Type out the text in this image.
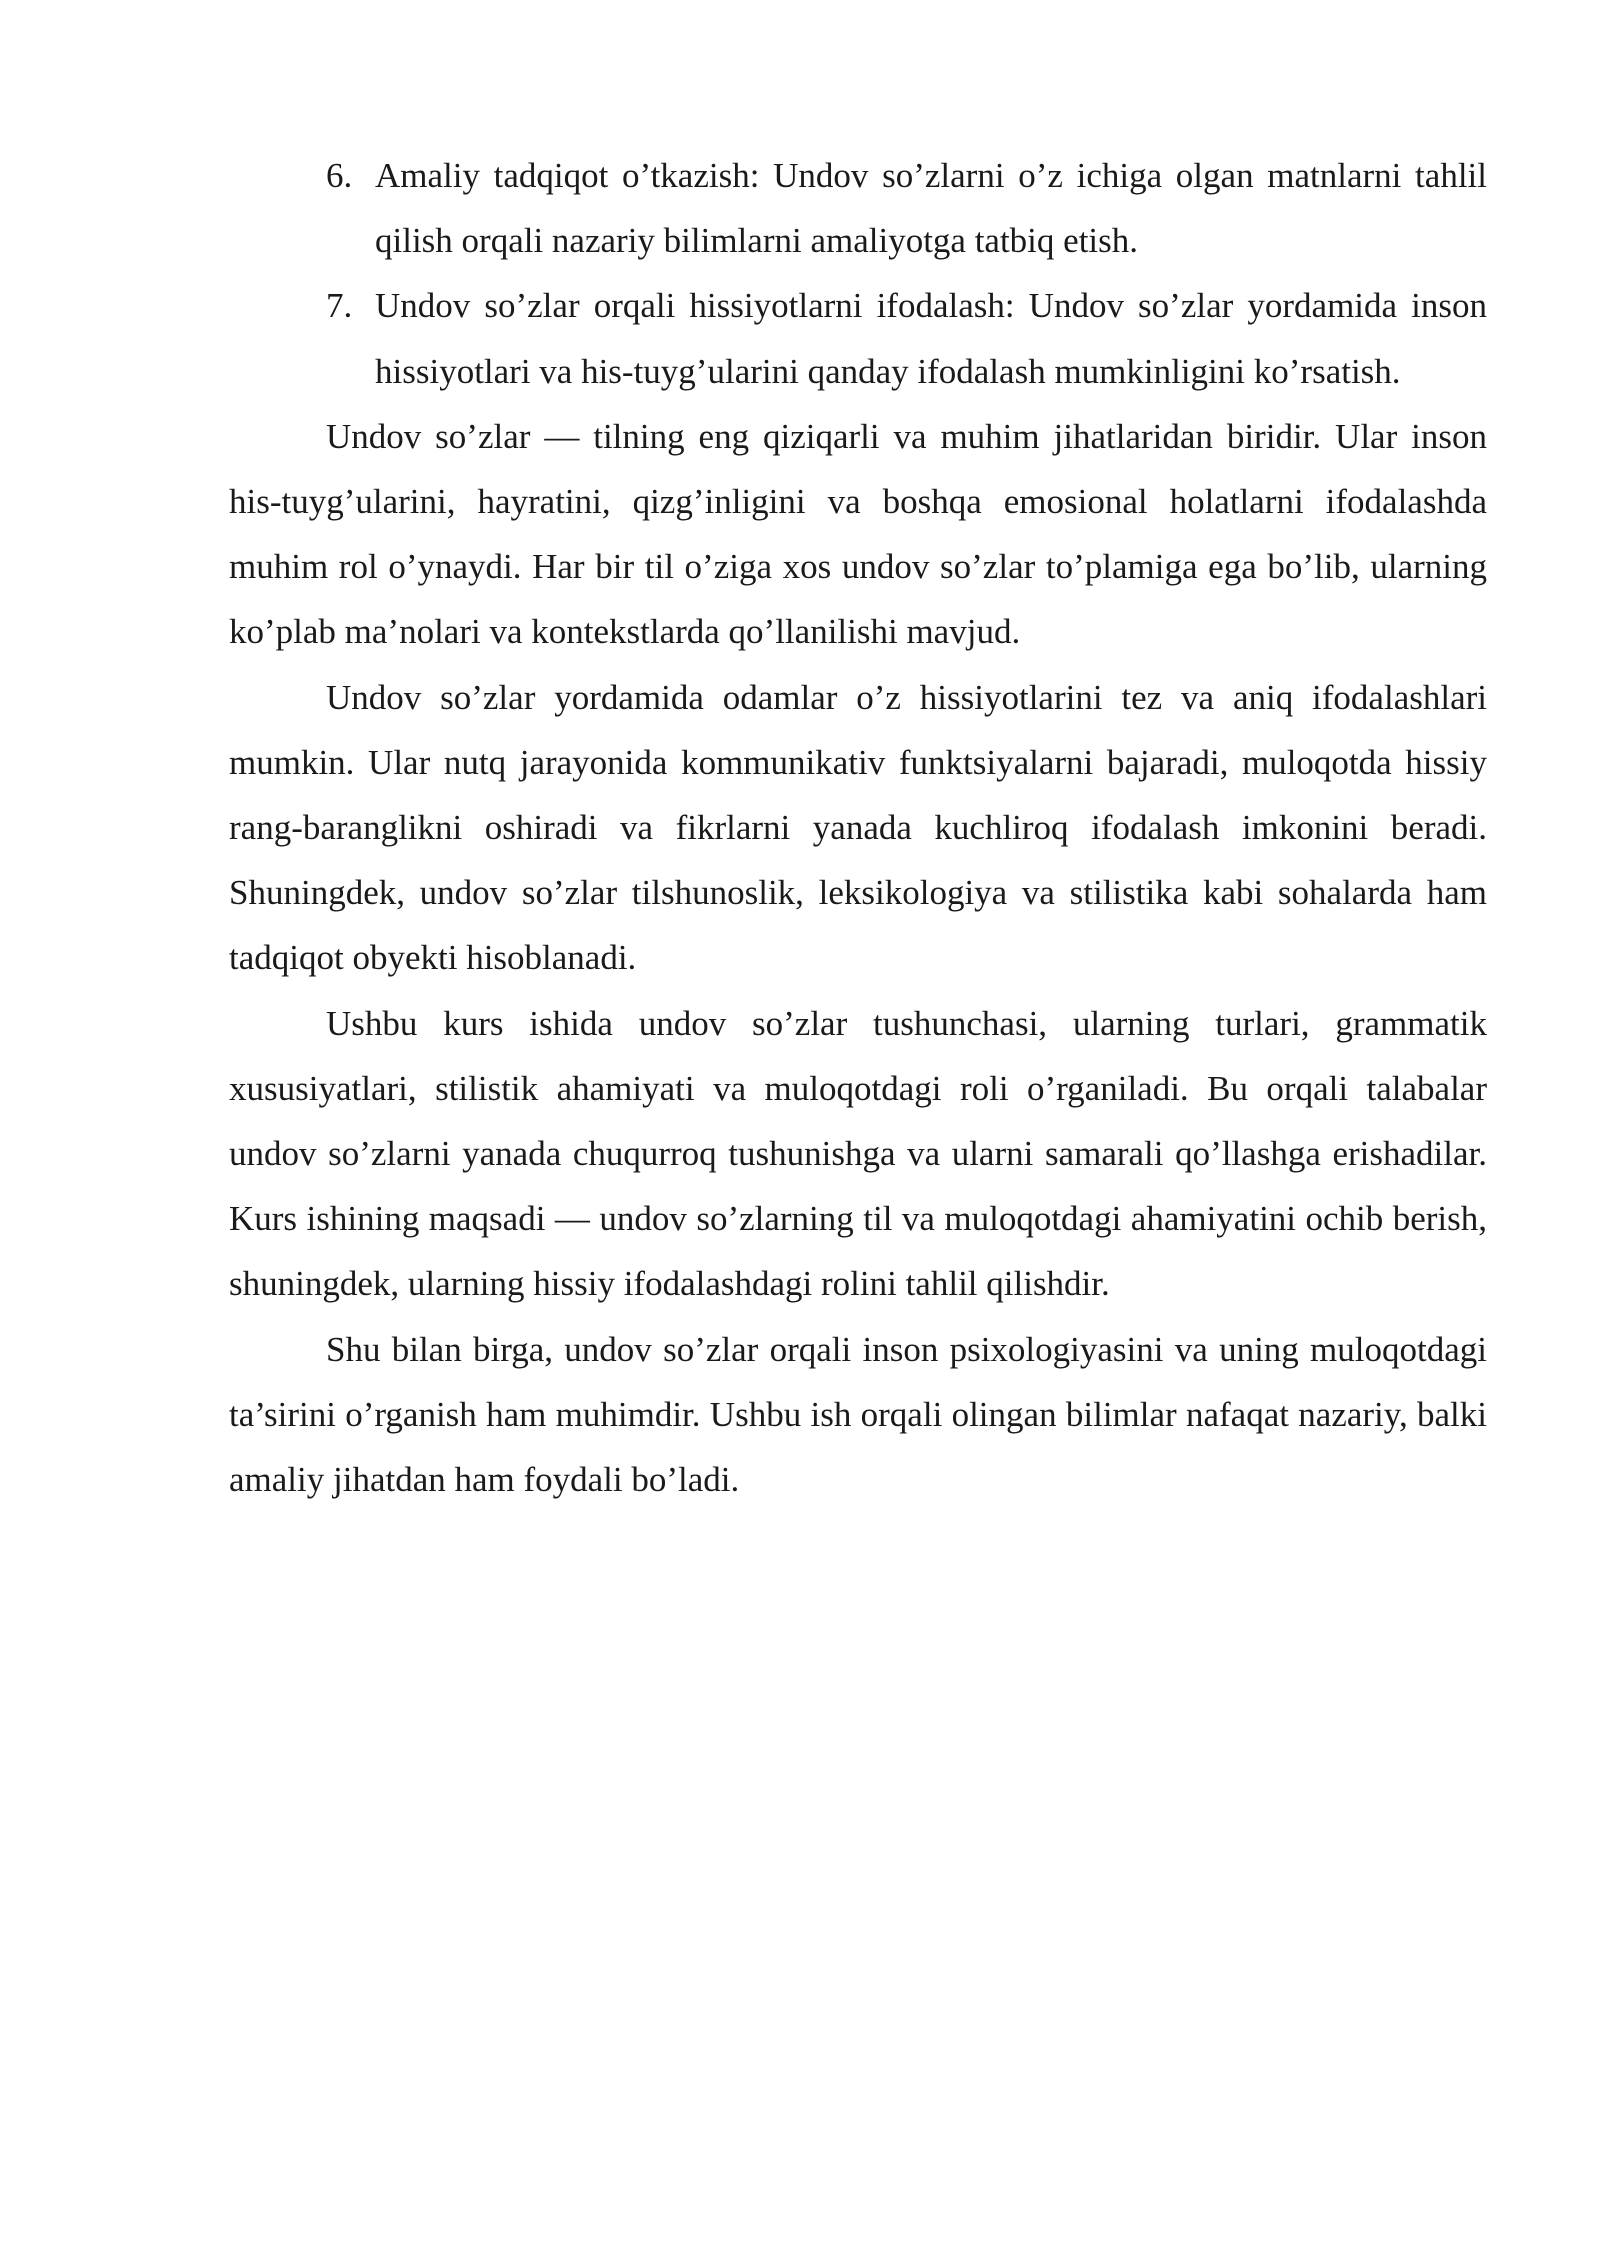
6. Amaliy tadqiqot o’tkazish: Undov so’zlarni o’z ichiga olgan matnlarni tahlil qilish orqali nazariy bilimlarni amaliyotga tatbiq etish.
7. Undov so’zlar orqali hissiyotlarni ifodalash: Undov so’zlar yordamida inson hissiyotlari va his-tuyg’ularini qanday ifodalash mumkinligini ko’rsatish.

Undov so’zlar — tilning eng qiziqarli va muhim jihatlaridan biridir. Ular inson his-tuyg’ularini, hayratini, qizg’inligini va boshqa emosional holatlarni ifodalashda muhim rol o’ynaydi. Har bir til o’ziga xos undov so’zlar to’plamiga ega bo’lib, ularning ko’plab ma’nolari va kontekstlarda qo’llanilishi mavjud.

Undov so’zlar yordamida odamlar o’z hissiyotlarini tez va aniq ifodalashlari mumkin. Ular nutq jarayonida kommunikativ funktsiyalarni bajaradi, muloqotda hissiy rang-baranglikni oshiradi va fikrlarni yanada kuchliroq ifodalash imkonini beradi. Shuningdek, undov so’zlar tilshunoslik, leksikologiya va stilistika kabi sohalarda ham tadqiqot obyekti hisoblanadi.

Ushbu kurs ishida undov so’zlar tushunchasi, ularning turlari, grammatik xususiyatlari, stilistik ahamiyati va muloqotdagi roli o’rganiladi. Bu orqali talabalar undov so’zlarni yanada chuqurroq tushunishga va ularni samarali qo’llashga erishadilar. Kurs ishining maqsadi — undov so’zlarning til va muloqotdagi ahamiyatini ochib berish, shuningdek, ularning hissiy ifodalashdagi rolini tahlil qilishdir.

Shu bilan birga, undov so’zlar orqali inson psixologiyasini va uning muloqotdagi ta’sirini o’rganish ham muhimdir. Ushbu ish orqali olingan bilimlar nafaqat nazariy, balki amaliy jihatdan ham foydali bo’ladi.
